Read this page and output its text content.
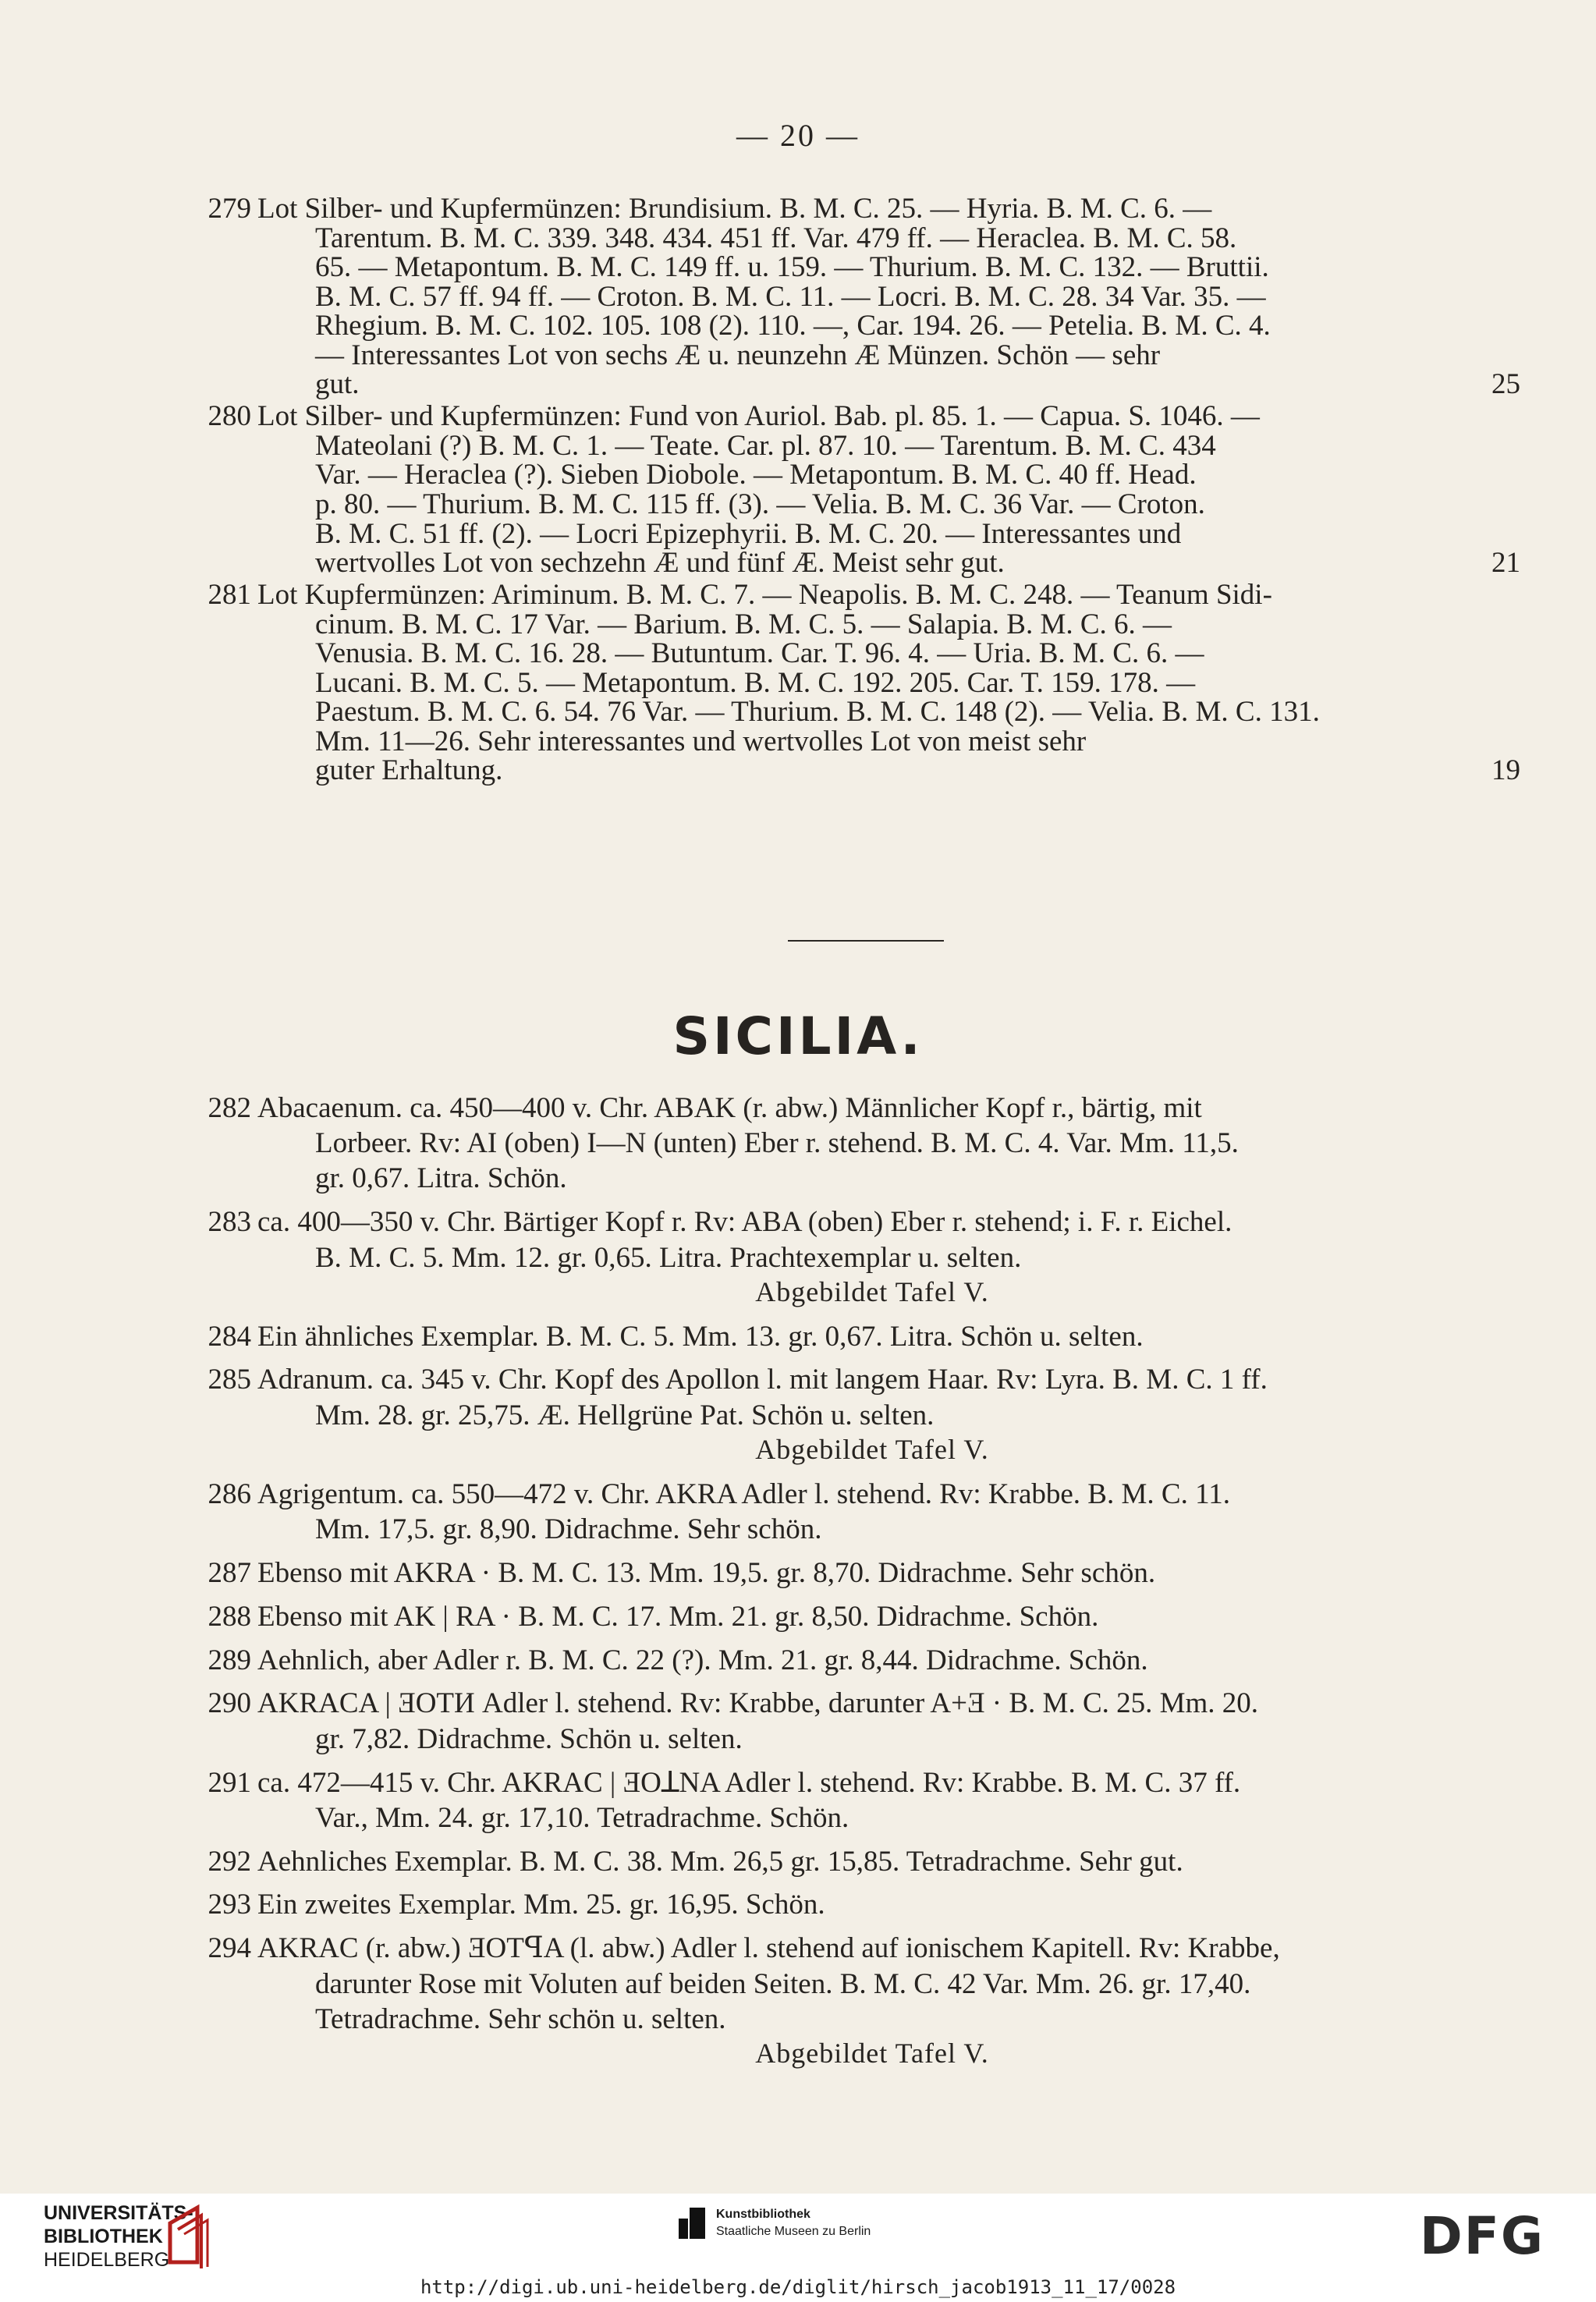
— 20 —
279 Lot Silber- und Kupfermünzen: Brundisium. B. M. C. 25. — Hyria. B. M. C. 6. —
Tarentum. B. M. C. 339. 348. 434. 451 ff. Var. 479 ff. — Heraclea. B. M. C. 58.
65. — Metapontum. B. M. C. 149 ff. u. 159. — Thurium. B. M. C. 132. — Bruttii.
B. M. C. 57 ff. 94 ff. — Croton. B. M. C. 11. — Locri. B. M. C. 28. 34 Var. 35. —
Rhegium. B. M. C. 102. 105. 108 (2). 110. —, Car. 194. 26. — Petelia. B. M. C. 4.
— Interessantes Lot von sechs Æ u. neunzehn Æ Münzen. Schön — sehr
gut.	25
280 Lot Silber- und Kupfermünzen: Fund von Auriol. Bab. pl. 85. 1. — Capua. S. 1046. —
Mateolani (?) B. M. C. 1. — Teate. Car. pl. 87. 10. — Tarentum. B. M. C. 434
Var. — Heraclea (?). Sieben Diobole. — Metapontum. B. M. C. 40 ff. Head.
p. 80. — Thurium. B. M. C. 115 ff. (3). — Velia. B. M. C. 36 Var. — Croton.
B. M. C. 51 ff. (2). — Locri Epizephyrii. B. M. C. 20. — Interessantes und
wertvolles Lot von sechzehn Æ und fünf Æ. Meist sehr gut.	21
281 Lot Kupfermünzen: Ariminum. B. M. C. 7. — Neapolis. B. M. C. 248. — Teanum Sidi-
cinum. B. M. C. 17 Var. — Barium. B. M. C. 5. — Salapia. B. M. C. 6. —
Venusia. B. M. C. 16. 28. — Butuntum. Car. T. 96. 4. — Uria. B. M. C. 6. —
Lucani. B. M. C. 5. — Metapontum. B. M. C. 192. 205. Car. T. 159. 178. —
Paestum. B. M. C. 6. 54. 76 Var. — Thurium. B. M. C. 148 (2). — Velia. B. M. C. 131.
Mm. 11—26. Sehr interessantes und wertvolles Lot von meist sehr
guter Erhaltung.	19
SICILIA.
282 Abacaenum. ca. 450—400 v. Chr. ABAK (r. abw.) Männlicher Kopf r., bärtig, mit
Lorbeer. Rv: AI (oben) I—N (unten) Eber r. stehend. B. M. C. 4. Var. Mm. 11,5.
gr. 0,67. Litra. Schön.
283 ca. 400—350 v. Chr. Bärtiger Kopf r. Rv: ABA (oben) Eber r. stehend; i. F. r. Eichel.
B. M. C. 5. Mm. 12. gr. 0,65. Litra. Prachtexemplar u. selten.
Abgebildet Tafel V.
284 Ein ähnliches Exemplar. B. M. C. 5. Mm. 13. gr. 0,67. Litra. Schön u. selten.
285 Adranum. ca. 345 v. Chr. Kopf des Apollon l. mit langem Haar. Rv: Lyra. B. M. C. 1 ff.
Mm. 28. gr. 25,75. Æ. Hellgrüne Pat. Schön u. selten.
Abgebildet Tafel V.
286 Agrigentum. ca. 550—472 v. Chr. AKRA Adler l. stehend. Rv: Krabbe. B. M. C. 11.
Mm. 17,5. gr. 8,90. Didrachme. Sehr schön.
287 Ebenso mit AKRA · B. M. C. 13. Mm. 19,5. gr. 8,70. Didrachme. Sehr schön.
288 Ebenso mit AK | RA · B. M. C. 17. Mm. 21. gr. 8,50. Didrachme. Schön.
289 Aehnlich, aber Adler r. B. M. C. 22 (?). Mm. 21. gr. 8,44. Didrachme. Schön.
290 AKRACA | ƎOTИ Adler l. stehend. Rv: Krabbe, darunter A+Ǝ · B. M. C. 25. Mm. 20.
gr. 7,82. Didrachme. Schön u. selten.
291 ca. 472—415 v. Chr. AKRAC | ƎOꓕNA Adler l. stehend. Rv: Krabbe. B. M. C. 37 ff.
Var., Mm. 24. gr. 17,10. Tetradrachme. Schön.
292 Aehnliches Exemplar. B. M. C. 38. Mm. 26,5 gr. 15,85. Tetradrachme. Sehr gut.
293 Ein zweites Exemplar. Mm. 25. gr. 16,95. Schön.
294 AKRAC (r. abw.) ƎOTꟼA (l. abw.) Adler l. stehend auf ionischem Kapitell. Rv: Krabbe,
darunter Rose mit Voluten auf beiden Seiten. B. M. C. 42 Var. Mm. 26. gr. 17,40.
Tetradrachme. Sehr schön u. selten.
Abgebildet Tafel V.
UNIVERSITÄTS-
BIBLIOTHEK
HEIDELBERG
Kunstbibliothek
Staatliche Museen zu Berlin	DFG
http://digi.ub.uni-heidelberg.de/diglit/hirsch_jacob1913_11_17/0028
